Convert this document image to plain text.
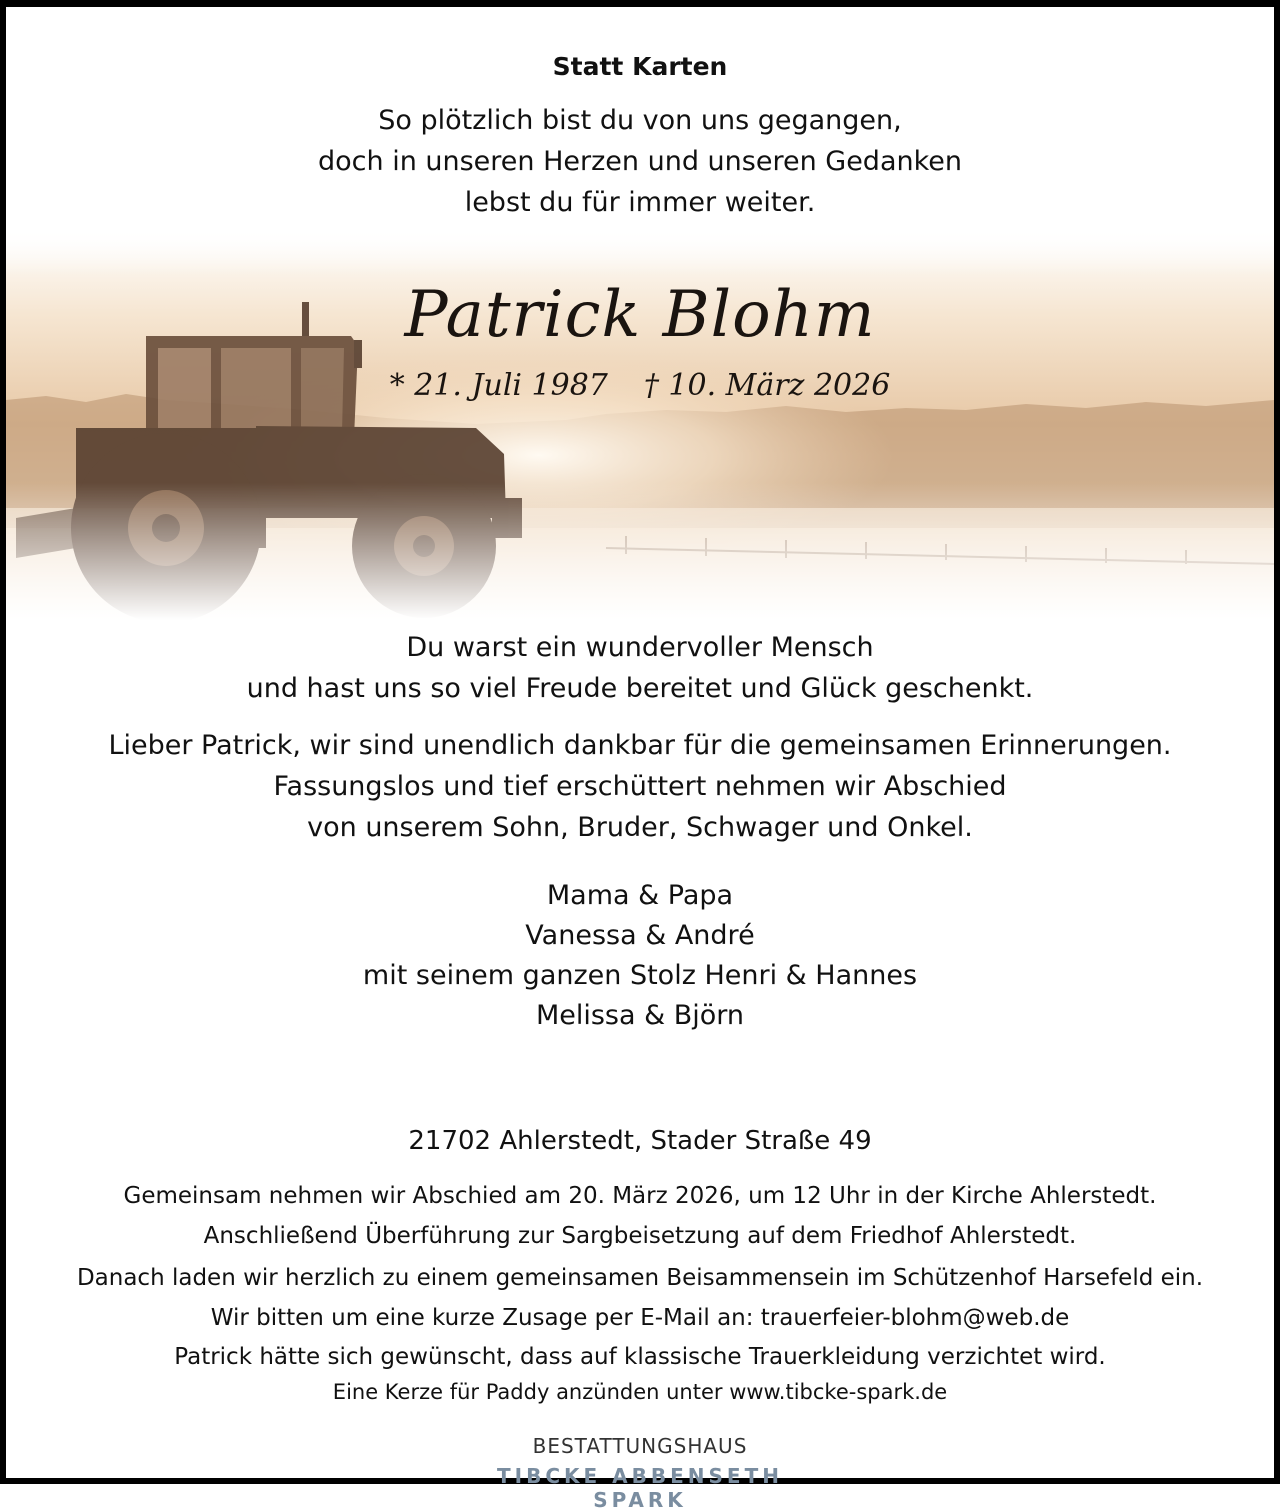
Statt Karten
So plötzlich bist du von uns gegangen,
doch in unseren Herzen und unseren Gedanken
lebst du für immer weiter.
Patrick Blohm
* 21. Juli 1987 † 10. März 2026
Du warst ein wundervoller Mensch
und hast uns so viel Freude bereitet und Glück geschenkt.
Lieber Patrick, wir sind unendlich dankbar für die gemeinsamen Erinnerungen.
Fassungslos und tief erschüttert nehmen wir Abschied
von unserem Sohn, Bruder, Schwager und Onkel.
Mama & Papa
Vanessa & André
mit seinem ganzen Stolz Henri & Hannes
Melissa & Björn
21702 Ahlerstedt, Stader Straße 49
Gemeinsam nehmen wir Abschied am 20. März 2026, um 12 Uhr in der Kirche Ahlerstedt.
Anschließend Überführung zur Sargbeisetzung auf dem Friedhof Ahlerstedt.
Danach laden wir herzlich zu einem gemeinsamen Beisammensein im Schützenhof Harsefeld ein.
Wir bitten um eine kurze Zusage per E-Mail an: trauerfeier-blohm@web.de
Patrick hätte sich gewünscht, dass auf klassische Trauerkleidung verzichtet wird.
Eine Kerze für Paddy anzünden unter www.tibcke-spark.de
BESTATTUNGSHAUS
TIBCKE ABBENSETH SPARK
